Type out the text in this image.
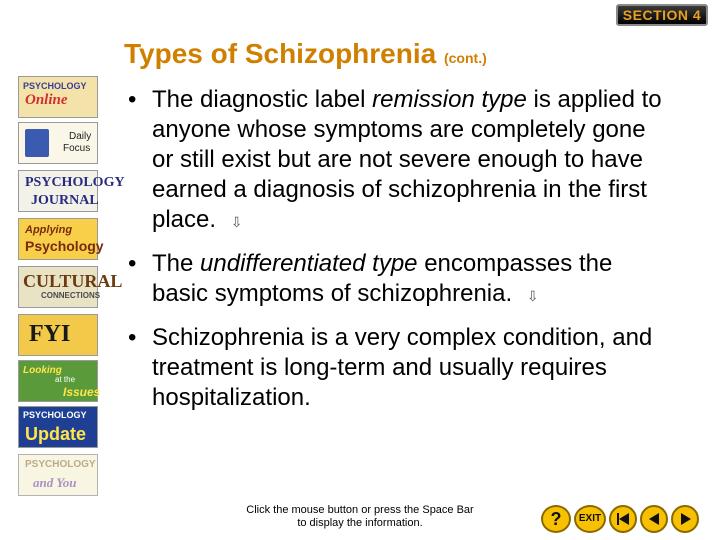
SECTION 4
Types of Schizophrenia (cont.)
PSYCHOLOGY
Online
Daily
Focus
PSYCHOLOGY
JOURNAL
Applying
Psychology
CULTURAL
CONNECTIONS
FYI
Looking
at the
Issues
PSYCHOLOGY
Update
PSYCHOLOGY
and You
• The diagnostic label remission type is applied to anyone whose symptoms are completely gone or still exist but are not severe enough to have earned a diagnosis of schizophrenia in the first place. ⇩
• The undifferentiated type encompasses the basic symptoms of schizophrenia. ⇩
• Schizophrenia is a very complex condition, and treatment is long-term and usually requires hospitalization.
Click the mouse button or press the Space Bar
to display the information.	?	EXIT
